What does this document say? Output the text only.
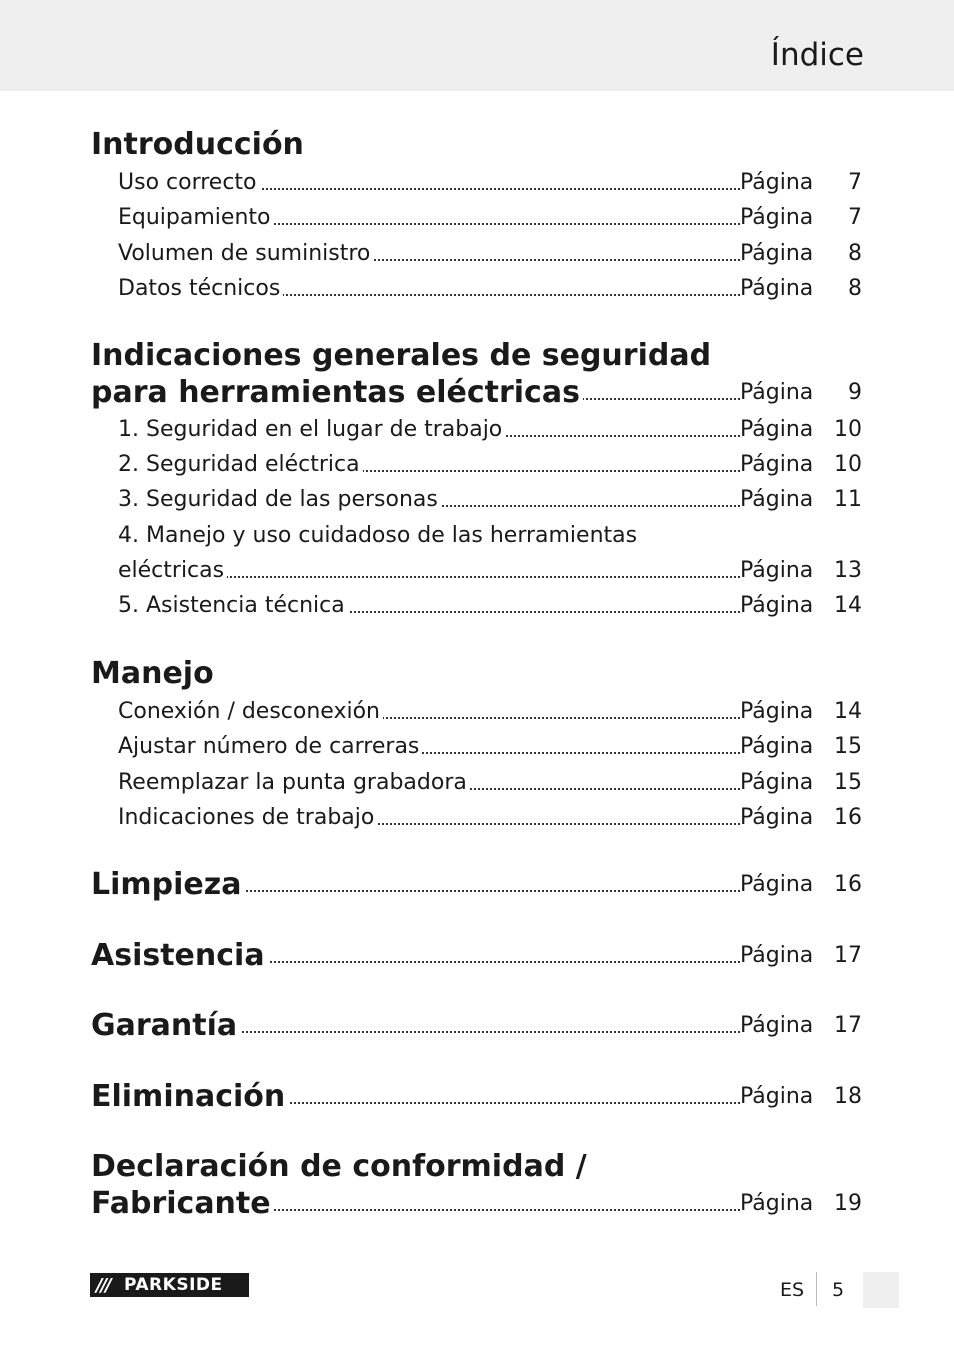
Índice
Introducción
Uso correcto	Página 7
Equipamiento	Página 7
Volumen de suministro	Página 8
Datos técnicos	Página 8
Indicaciones generales de seguridad
para herramientas eléctricas	Página 9
1. Seguridad en el lugar de trabajo	Página 10
2. Seguridad eléctrica	Página 10
3. Seguridad de las personas	Página 11
4. Manejo y uso cuidadoso de las herramientas
eléctricas	Página 13
5. Asistencia técnica	Página 14
Manejo
Conexión / desconexión	Página 14
Ajustar número de carreras	Página 15
Reemplazar la punta grabadora	Página 15
Indicaciones de trabajo	Página 16
Limpieza	Página 16
Asistencia	Página 17
Garantía	Página 17
Eliminación	Página 18
Declaración de conformidad /
Fabricante	Página 19
/// PARKSIDE	ES 5
